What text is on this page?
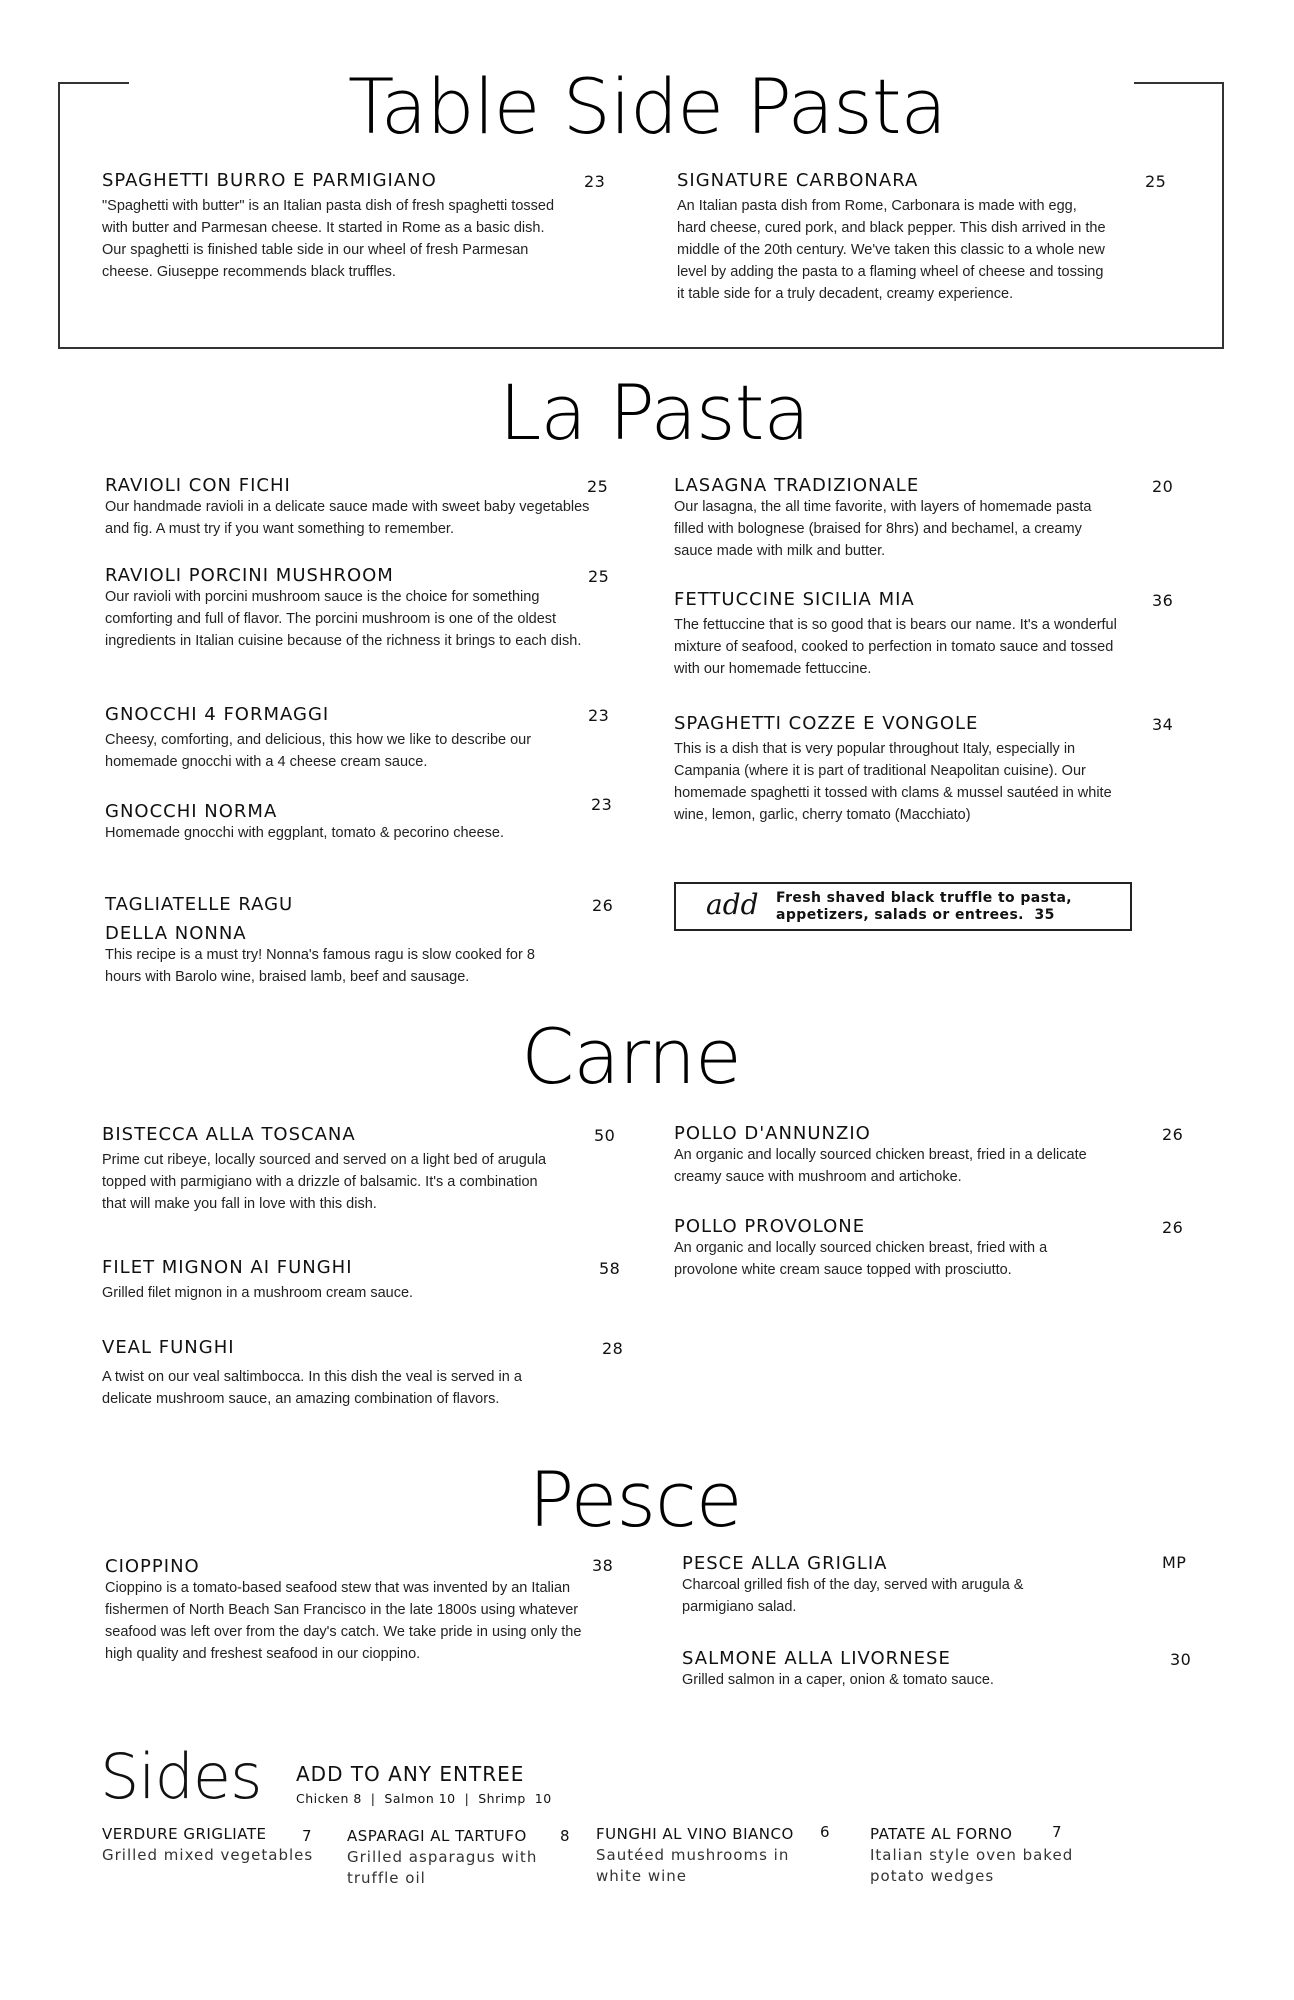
Table Side Pasta
SPAGHETTI BURRO E PARMIGIANO	23
"Spaghetti with butter" is an Italian pasta dish of fresh spaghetti tossed with butter and Parmesan cheese. It started in Rome as a basic dish. Our spaghetti is finished table side in our wheel of fresh Parmesan cheese. Giuseppe recommends black truffles.
SIGNATURE CARBONARA	25
An Italian pasta dish from Rome, Carbonara is made with egg, hard cheese, cured pork, and black pepper. This dish arrived in the middle of the 20th century. We've taken this classic to a whole new level by adding the pasta to a flaming wheel of cheese and tossing it table side for a truly decadent, creamy experience.
La Pasta
RAVIOLI CON FICHI	25
Our handmade ravioli in a delicate sauce made with sweet baby vegetables and fig. A must try if you want something to remember.
RAVIOLI PORCINI MUSHROOM	25
Our ravioli with porcini mushroom sauce is the choice for something comforting and full of flavor. The porcini mushroom is one of the oldest ingredients in Italian cuisine because of the richness it brings to each dish.
GNOCCHI 4 FORMAGGI	23
Cheesy, comforting, and delicious, this how we like to describe our homemade gnocchi with a 4 cheese cream sauce.
GNOCCHI NORMA	23
Homemade gnocchi with eggplant, tomato & pecorino cheese.
TAGLIATELLE RAGU
DELLA NONNA
26
This recipe is a must try! Nonna's famous ragu is slow cooked for 8 hours with Barolo wine, braised lamb, beef and sausage.
LASAGNA TRADIZIONALE	20
Our lasagna, the all time favorite, with layers of homemade pasta filled with bolognese (braised for 8hrs) and bechamel, a creamy sauce made with milk and butter.
FETTUCCINE SICILIA MIA	36
The fettuccine that is so good that is bears our name. It's a wonderful mixture of seafood, cooked to perfection in tomato sauce and tossed with our homemade fettuccine.
SPAGHETTI COZZE E VONGOLE	34
This is a dish that is very popular throughout Italy, especially in Campania (where it is part of traditional Neapolitan cuisine). Our homemade spaghetti it tossed with clams & mussel sautéed in white wine, lemon, garlic, cherry tomato (Macchiato)
add Fresh shaved black truffle to pasta,
appetizers, salads or entrees.  35
Carne
BISTECCA ALLA TOSCANA	50
Prime cut ribeye, locally sourced and served on a light bed of arugula topped with parmigiano with a drizzle of balsamic. It's a combination that will make you fall in love with this dish.
FILET MIGNON AI FUNGHI	58
Grilled filet mignon in a mushroom cream sauce.
VEAL FUNGHI	28
A twist on our veal saltimbocca. In this dish the veal is served in a delicate mushroom sauce, an amazing combination of flavors.
POLLO D'ANNUNZIO	26
An organic and locally sourced chicken breast, fried in a delicate creamy sauce with mushroom and artichoke.
POLLO PROVOLONE	26
An organic and locally sourced chicken breast, fried with a provolone white cream sauce topped with prosciutto.
Pesce
CIOPPINO	38
Cioppino is a tomato-based seafood stew that was invented by an Italian fishermen of North Beach San Francisco in the late 1800s using whatever seafood was left over from the day's catch. We take pride in using only the high quality and freshest seafood in our cioppino.
PESCE ALLA GRIGLIA	MP
Charcoal grilled fish of the day, served with arugula & parmigiano salad.
SALMONE ALLA LIVORNESE	30
Grilled salmon in a caper, onion & tomato sauce.
Sides ADD TO ANY ENTREE
Chicken 8  |  Salmon 10  |  Shrimp  10
VERDURE GRIGLIATE	7
Grilled mixed vegetables
ASPARAGI AL TARTUFO	8
Grilled asparagus with truffle oil
FUNGHI AL VINO BIANCO	6
Sautéed mushrooms in white wine
PATATE AL FORNO	7
Italian style oven baked potato wedges
